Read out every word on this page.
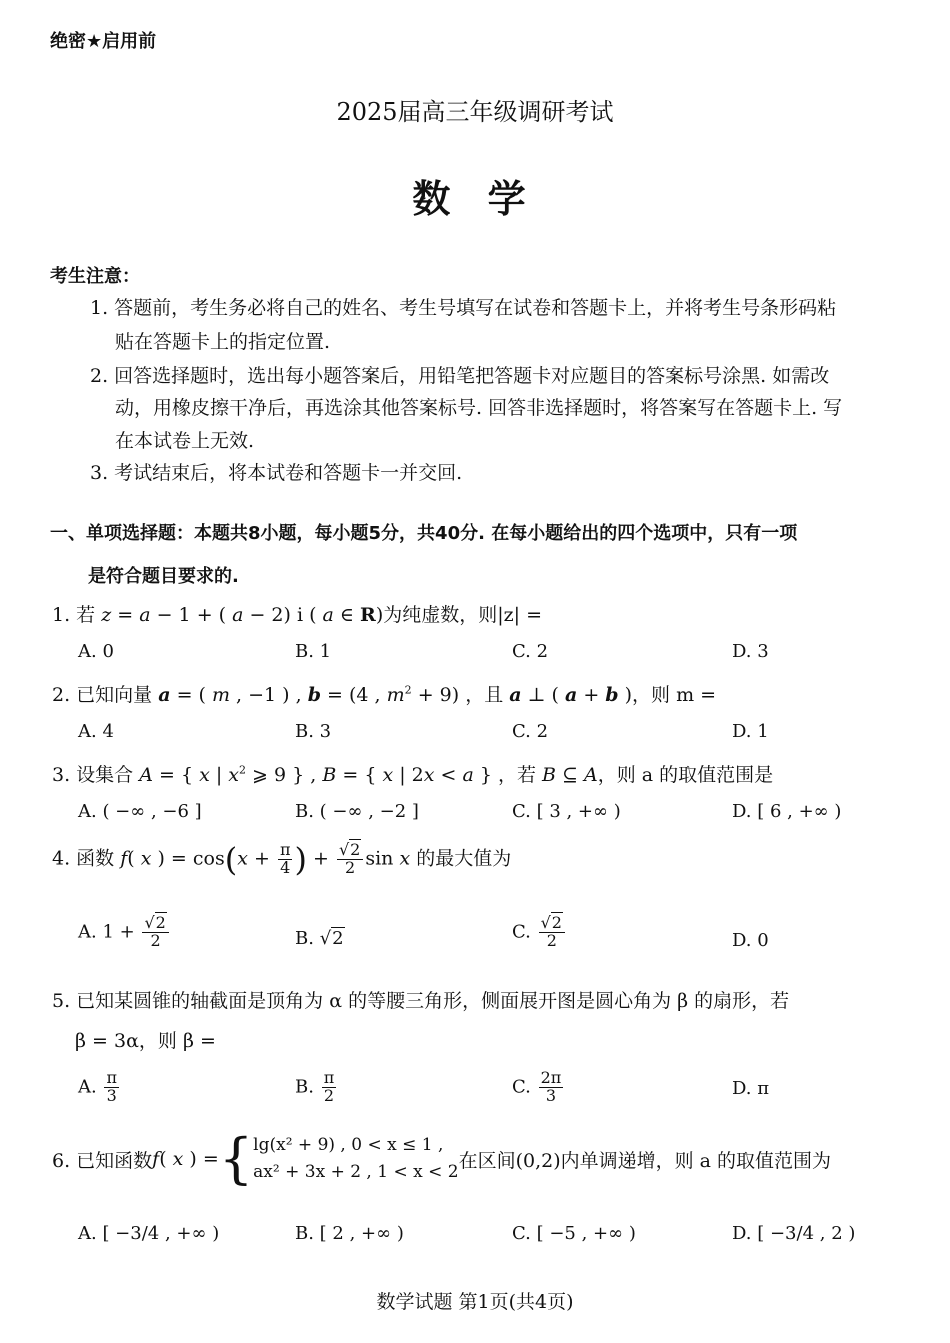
绝密★启用前
2025届高三年级调研考试
数 学
考生注意：
1. 答题前，考生务必将自己的姓名、考生号填写在试卷和答题卡上，并将考生号条形码粘
贴在答题卡上的指定位置.
2. 回答选择题时，选出每小题答案后，用铅笔把答题卡对应题目的答案标号涂黑. 如需改
动，用橡皮擦干净后，再选涂其他答案标号. 回答非选择题时，将答案写在答题卡上. 写
在本试卷上无效.
3. 考试结束后，将本试卷和答题卡一并交回.
一、单项选择题：本题共8小题，每小题5分，共40分. 在每小题给出的四个选项中，只有一项
是符合题目要求的.
1. 若 z = a − 1 + ( a − 2) i ( a ∈ R)为纯虚数，则|z| =
A. 0	B. 1	C. 2	D. 3
2. 已知向量 a = ( m , −1 ) , b = (4 , $m^2 + 9$) ，且 a ⊥ ( a + b )，则 m =
A. 4	B. 3	C. 2	D. 1
3. 设集合 A = { x | $x^2$ ⩾ 9 } , B = { x | 2x < a } ，若 B ⊆ A，则 a 的取值范围是
A. ( −∞ , −6 ]	B. ( −∞ , −2 ]	C. [ 3 , +∞ )	D. [ 6 , +∞ )
4. 函数 f( x ) = $\cos(x + \frac{\pi}{4}$ ) + $\frac{√2}{2}$ sin x 的最大值为
A. $1 + \frac{√2}{2}$	B. √2	C. $\frac{√2}{2}$	D. 0
5. 已知某圆锥的轴截面是顶角为 α 的等腰三角形，侧面展开图是圆心角为 β 的扇形，若
β = 3α，则 β =
A. $\frac{\pi}{3}$	B. $\frac{\pi}{2}$	C. $\frac{2\pi}{3}$	D. π
6. 已知函数 f( x ) = { lg(x² + 9) , 0 < x ≤ 1 ,
ax² + 3x + 2 , 1 < x < 2
在区间(0,2)内单调递增，则 a 的取值范围为
A. [ −3/4 , +∞ )	B. [ 2 , +∞ )	C. [ −5 , +∞ )	D. [ −3/4 , 2 )
数学试题 第1页(共4页)
